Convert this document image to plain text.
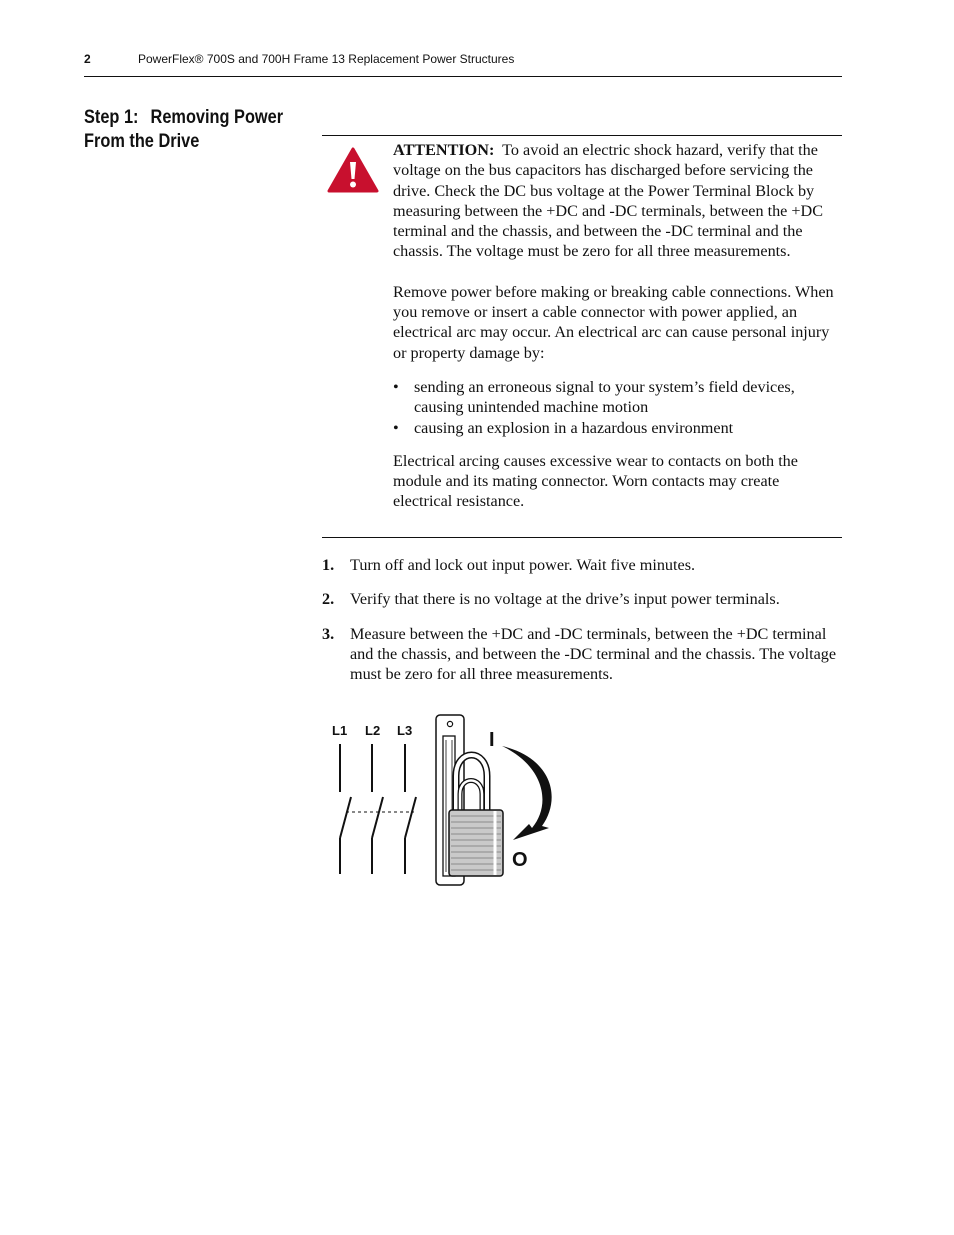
2	PowerFlex® 700S and 700H Frame 13 Replacement Power Structures
Step 1: Removing Power
From the Drive	ATTENTION: To avoid an electric shock hazard, verify that the voltage on the bus capacitors has discharged before servicing the drive. Check the DC bus voltage at the Power Terminal Block by measuring between the +DC and -DC terminals, between the +DC terminal and the chassis, and between the -DC terminal and the chassis. The voltage must be zero for all three measurements.

Remove power before making or breaking cable connections. When you remove or insert a cable connector with power applied, an electrical arc may occur. An electrical arc can cause personal injury or property damage by:

• sending an erroneous signal to your system’s field devices, causing unintended machine motion
• causing an explosion in a hazardous environment

Electrical arcing causes excessive wear to contacts on both the module and its mating connector. Worn contacts may create electrical resistance.

1. Turn off and lock out input power. Wait five minutes.
2. Verify that there is no voltage at the drive’s input power terminals.
3. Measure between the +DC and -DC terminals, between the +DC terminal and the chassis, and between the -DC terminal and the chassis. The voltage must be zero for all three measurements.
L1 L2 L3	I
O
